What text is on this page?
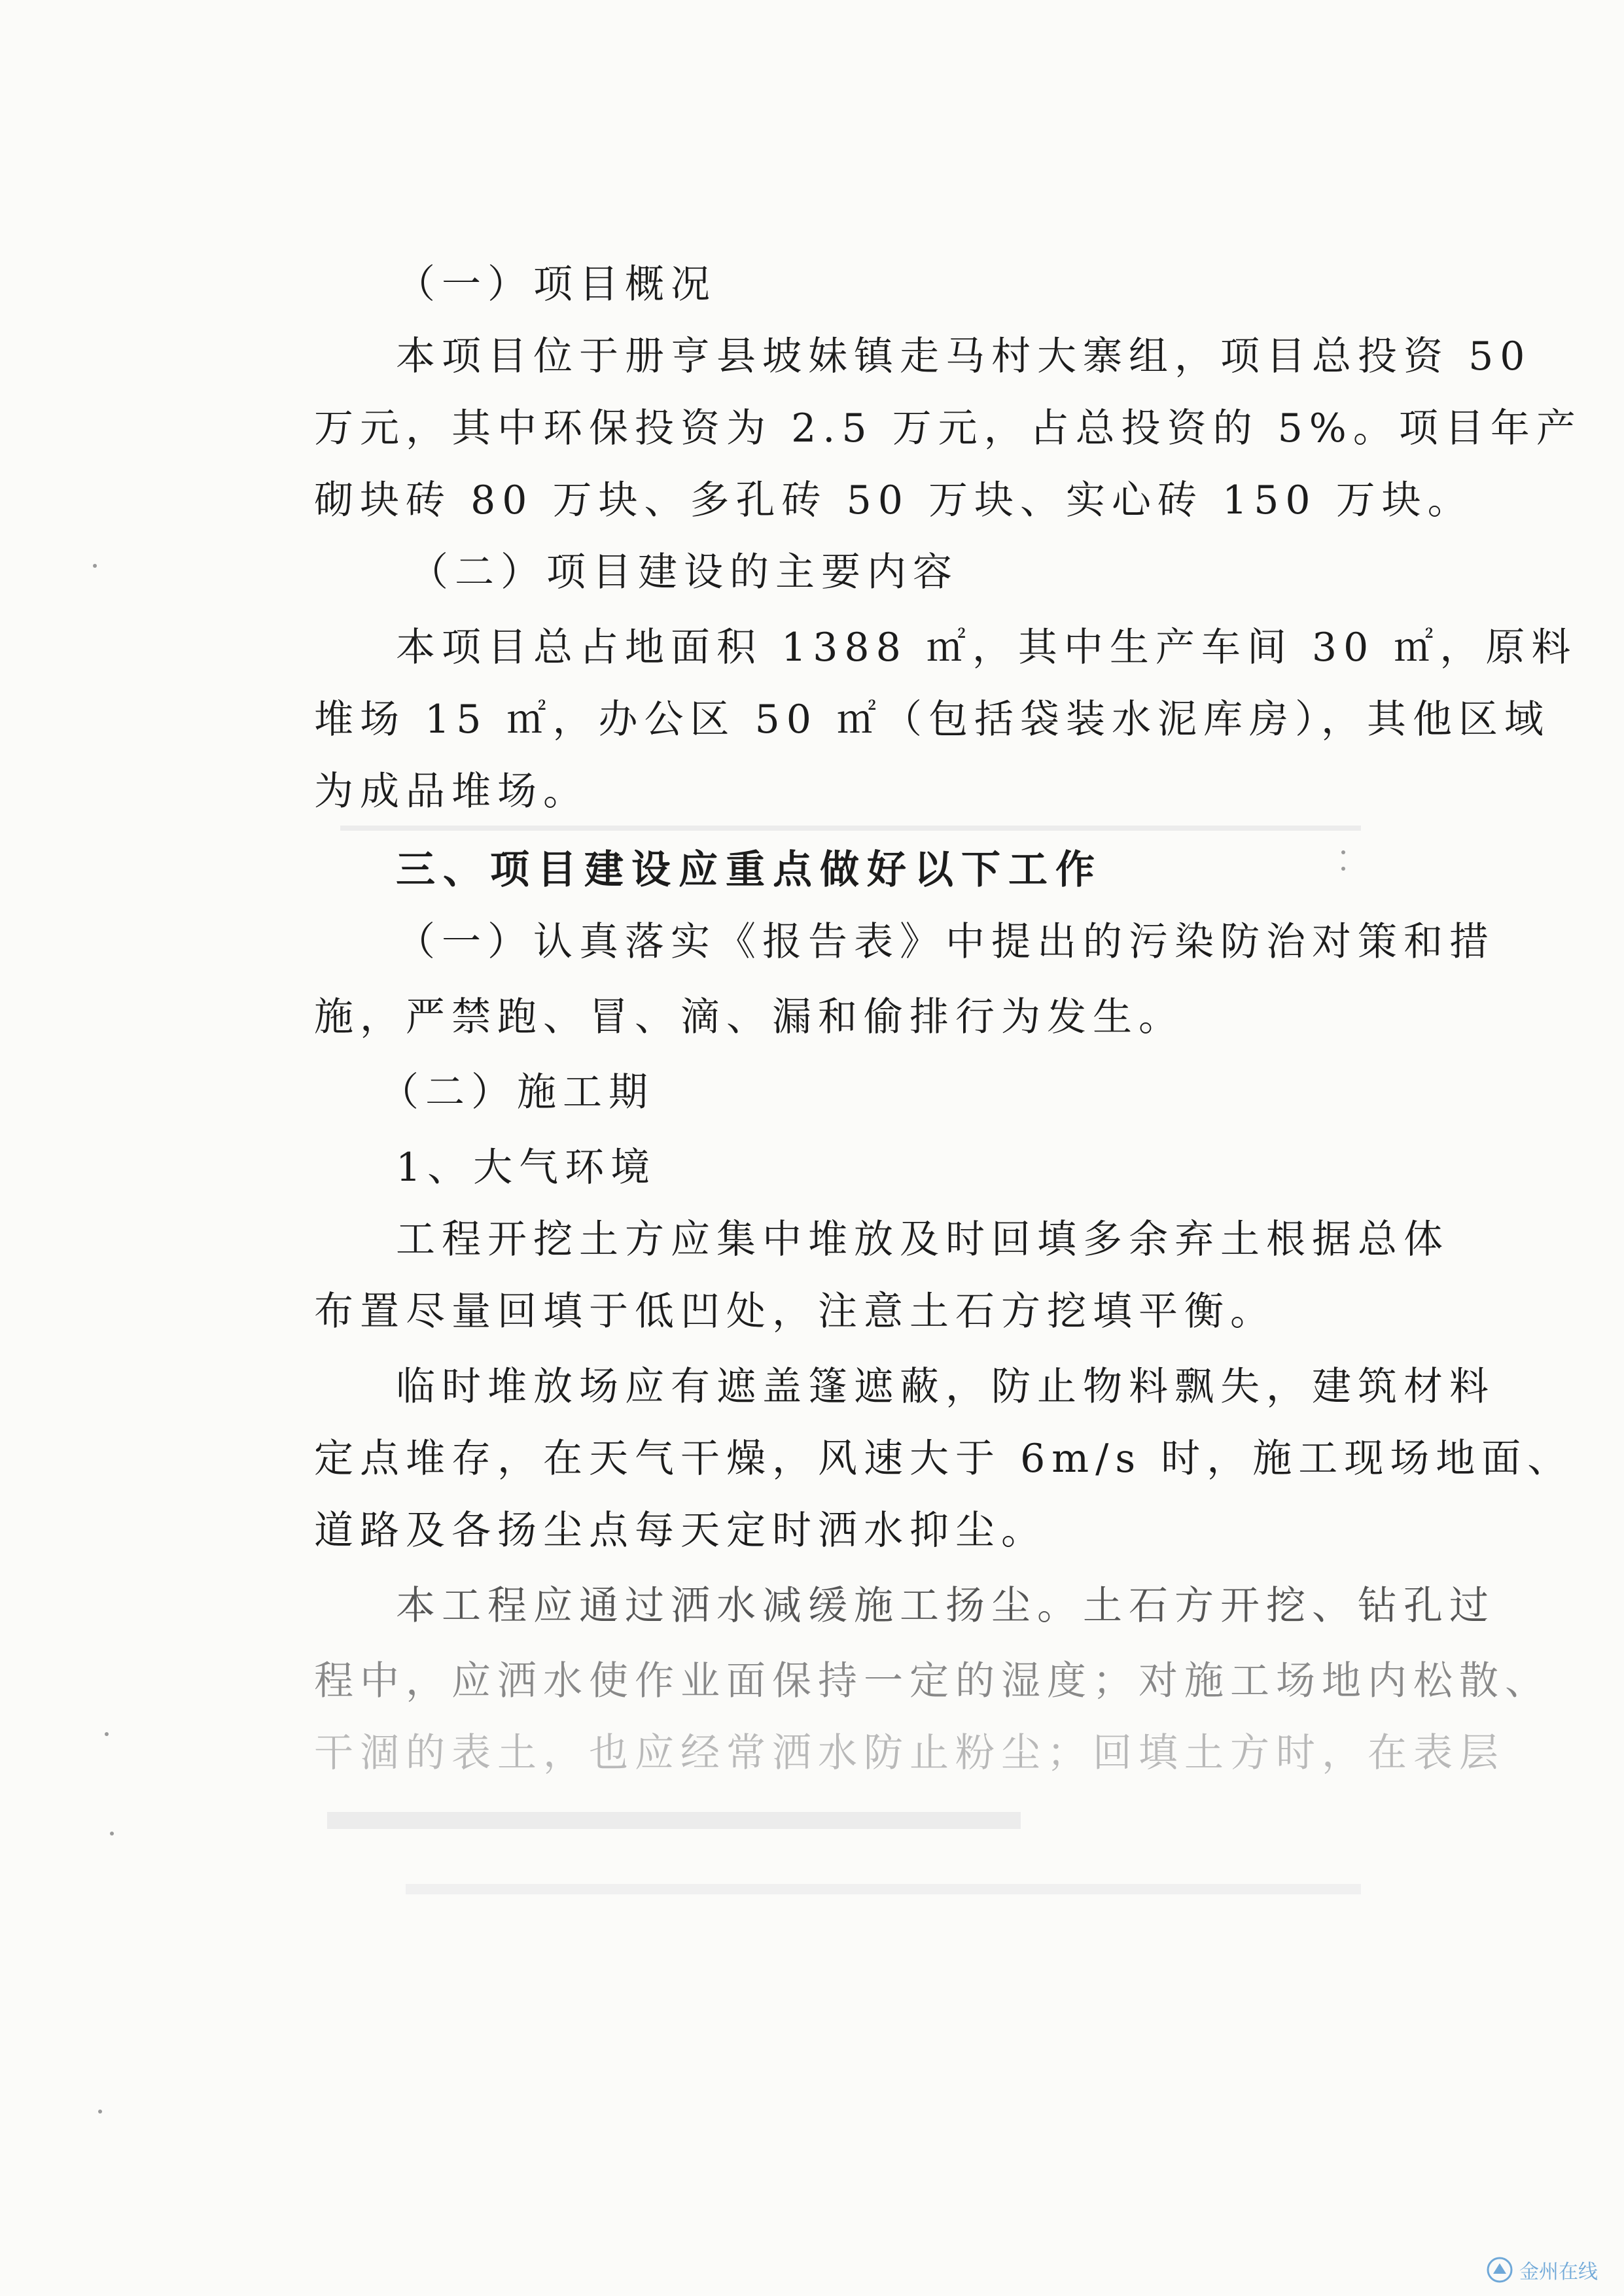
（一）项目概况
本项目位于册亨县坡妹镇走马村大寨组，项目总投资 50
万元，其中环保投资为 2.5 万元，占总投资的 5%。项目年产
砌块砖 80 万块、多孔砖 50 万块、实心砖 150 万块。
（二）项目建设的主要内容
本项目总占地面积 1388 ㎡，其中生产车间 30 ㎡，原料
堆场 15 ㎡，办公区 50 ㎡（包括袋装水泥库房），其他区域
为成品堆场。
三、项目建设应重点做好以下工作
（一）认真落实《报告表》中提出的污染防治对策和措
施，严禁跑、冒、滴、漏和偷排行为发生。
（二）施工期
1、大气环境
工程开挖土方应集中堆放及时回填多余弃土根据总体
布置尽量回填于低凹处，注意土石方挖填平衡。
临时堆放场应有遮盖篷遮蔽，防止物料飘失，建筑材料
定点堆存，在天气干燥，风速大于 6m/s 时，施工现场地面、
道路及各扬尘点每天定时洒水抑尘。
本工程应通过洒水减缓施工扬尘。土石方开挖、钻孔过
程中，应洒水使作业面保持一定的湿度；对施工场地内松散、
干涸的表土，也应经常洒水防止粉尘；回填土方时，在表层
金州在线
